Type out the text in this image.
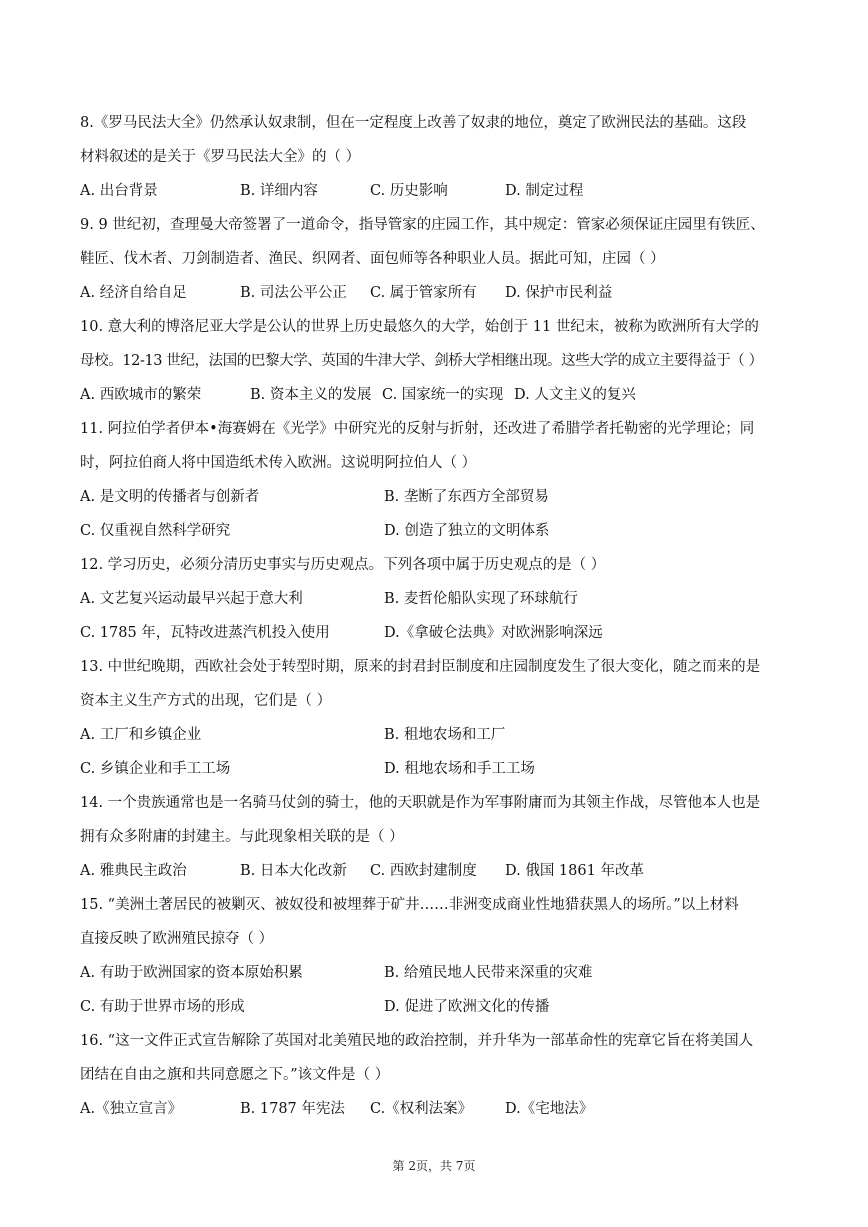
8.《罗马民法大全》仍然承认奴隶制，但在一定程度上改善了奴隶的地位，奠定了欧洲民法的基础。这段
材料叙述的是关于《罗马民法大全》的（ ）
A. 出台背景	B. 详细内容	C. 历史影响	D. 制定过程
9. 9 世纪初，查理曼大帝签署了一道命令，指导管家的庄园工作，其中规定：管家必须保证庄园里有铁匠、
鞋匠、伐木者、刀剑制造者、渔民、织网者、面包师等各种职业人员。据此可知，庄园（ ）
A. 经济自给自足	B. 司法公平公正	C. 属于管家所有	D. 保护市民利益
10. 意大利的博洛尼亚大学是公认的世界上历史最悠久的大学，始创于 11 世纪末，被称为欧洲所有大学的
母校。12-13 世纪，法国的巴黎大学、英国的牛津大学、剑桥大学相继出现。这些大学的成立主要得益于（ ）
A. 西欧城市的繁荣	B. 资本主义的发展 C. 国家统一的实现 D. 人文主义的复兴
11. 阿拉伯学者伊本•海赛姆在《光学》中研究光的反射与折射，还改进了希腊学者托勒密的光学理论；同
时，阿拉伯商人将中国造纸术传入欧洲。这说明阿拉伯人（ ）
A. 是文明的传播者与创新者	B. 垄断了东西方全部贸易
C. 仅重视自然科学研究	D. 创造了独立的文明体系
12. 学习历史，必须分清历史事实与历史观点。下列各项中属于历史观点的是（ ）
A. 文艺复兴运动最早兴起于意大利	B. 麦哲伦船队实现了环球航行
C. 1785 年，瓦特改进蒸汽机投入使用	D.《拿破仑法典》对欧洲影响深远
13. 中世纪晚期，西欧社会处于转型时期，原来的封君封臣制度和庄园制度发生了很大变化，随之而来的是
资本主义生产方式的出现，它们是（ ）
A. 工厂和乡镇企业	B. 租地农场和工厂
C. 乡镇企业和手工工场	D. 租地农场和手工工场
14. 一个贵族通常也是一名骑马仗剑的骑士，他的天职就是作为军事附庸而为其领主作战，尽管他本人也是
拥有众多附庸的封建主。与此现象相关联的是（ ）
A. 雅典民主政治	B. 日本大化改新	C. 西欧封建制度	D. 俄国 1861 年改革
15. “美洲土著居民的被剿灭、被奴役和被埋葬于矿井……非洲变成商业性地猎获黑人的场所。”以上材料
直接反映了欧洲殖民掠夺（ ）
A. 有助于欧洲国家的资本原始积累	B. 给殖民地人民带来深重的灾难
C. 有助于世界市场的形成	D. 促进了欧洲文化的传播
16. “这一文件正式宣告解除了英国对北美殖民地的政治控制，并升华为一部革命性的宪章它旨在将美国人
团结在自由之旗和共同意愿之下。”该文件是（ ）
A.《独立宣言》	B. 1787 年宪法	C.《权利法案》	D.《宅地法》
第 2页，共 7页
